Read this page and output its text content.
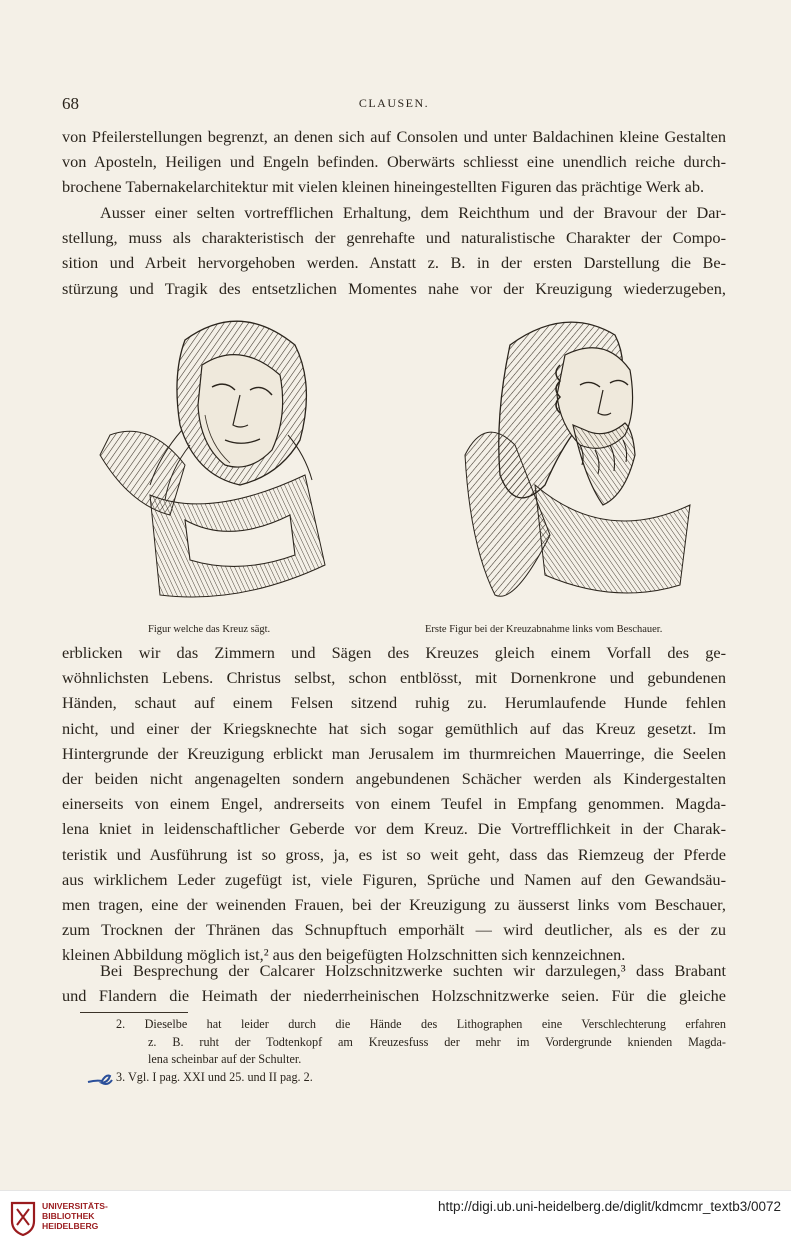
68	CLAUSEN.
von Pfeilerstellungen begrenzt, an denen sich auf Consolen und unter Baldachinen kleine Gestalten
von Aposteln, Heiligen und Engeln befinden. Oberwärts schliesst eine unendlich reiche durch-
brochene Tabernakelarchitektur mit vielen kleinen hineingestellten Figuren das prächtige Werk ab.
Ausser einer selten vortrefflichen Erhaltung, dem Reichthum und der Bravour der Dar-
stellung, muss als charakteristisch der genrehafte und naturalistische Charakter der Compo-
sition und Arbeit hervorgehoben werden. Anstatt z. B. in der ersten Darstellung die Be-
stürzung und Tragik des entsetzlichen Momentes nahe vor der Kreuzigung wiederzugeben,
Figur welche das Kreuz sägt.	Erste Figur bei der Kreuzabnahme links vom Beschauer.
erblicken wir das Zimmern und Sägen des Kreuzes gleich einem Vorfall des ge-
wöhnlichsten Lebens. Christus selbst, schon entblösst, mit Dornenkrone und gebundenen
Händen, schaut auf einem Felsen sitzend ruhig zu. Herumlaufende Hunde fehlen
nicht, und einer der Kriegsknechte hat sich sogar gemüthlich auf das Kreuz gesetzt. Im
Hintergrunde der Kreuzigung erblickt man Jerusalem im thurmreichen Mauerringe, die Seelen
der beiden nicht angenagelten sondern angebundenen Schächer werden als Kindergestalten
einerseits von einem Engel, andrerseits von einem Teufel in Empfang genommen. Magda-
lena kniet in leidenschaftlicher Geberde vor dem Kreuz. Die Vortrefflichkeit in der Charak-
teristik und Ausführung ist so gross, ja, es ist so weit geht, dass das Riemzeug der Pferde
aus wirklichem Leder zugefügt ist, viele Figuren, Sprüche und Namen auf den Gewandsäu-
men tragen, eine der weinenden Frauen, bei der Kreuzigung zu äusserst links vom Beschauer,
zum Trocknen der Thränen das Schnupftuch emporhält — wird deutlicher, als es der zu
kleinen Abbildung möglich ist,² aus den beigefügten Holzschnitten sich kennzeichnen.
Bei Besprechung der Calcarer Holzschnitzwerke suchten wir darzulegen,³ dass Brabant
und Flandern die Heimath der niederrheinischen Holzschnitzwerke seien. Für die gleiche
2. Dieselbe hat leider durch die Hände des Lithographen eine Verschlechterung erfahren
z. B. ruht der Todtenkopf am Kreuzesfuss der mehr im Vordergrunde knienden Magda-
lena scheinbar auf der Schulter.
3. Vgl. I pag. XXI und 25. und II pag. 2.
UNIVERSITÄTS-
BIBLIOTHEK
HEIDELBERG
http://digi.ub.uni-heidelberg.de/diglit/kdmcmr_textb3/0072
